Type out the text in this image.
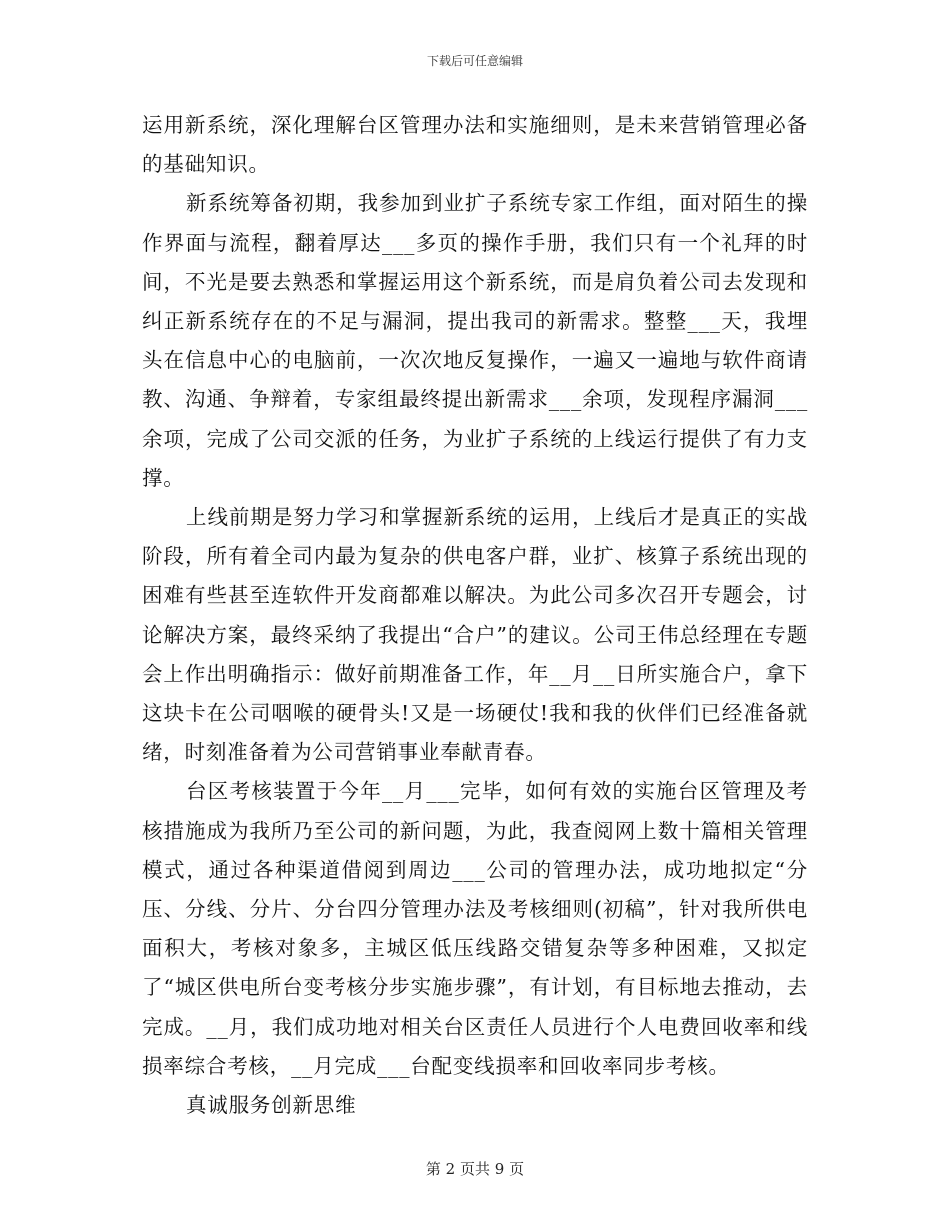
下载后可任意编辑

运用新系统，深化理解台区管理办法和实施细则，是未来营销管理必备的基础知识。

新系统筹备初期，我参加到业扩子系统专家工作组，面对陌生的操作界面与流程，翻着厚达___多页的操作手册，我们只有一个礼拜的时间，不光是要去熟悉和掌握运用这个新系统，而是肩负着公司去发现和纠正新系统存在的不足与漏洞，提出我司的新需求。整整___天，我埋头在信息中心的电脑前，一次次地反复操作，一遍又一遍地与软件商请教、沟通、争辩着，专家组最终提出新需求___余项，发现程序漏洞___余项，完成了公司交派的任务，为业扩子系统的上线运行提供了有力支撑。

上线前期是努力学习和掌握新系统的运用，上线后才是真正的实战阶段，所有着全司内最为复杂的供电客户群，业扩、核算子系统出现的困难有些甚至连软件开发商都难以解决。为此公司多次召开专题会，讨论解决方案，最终采纳了我提出“合户”的建议。公司王伟总经理在专题会上作出明确指示：做好前期准备工作，年__月__日所实施合户，拿下这块卡在公司咽喉的硬骨头!又是一场硬仗!我和我的伙伴们已经准备就绪，时刻准备着为公司营销事业奉献青春。

台区考核装置于今年__月___完毕，如何有效的实施台区管理及考核措施成为我所乃至公司的新问题，为此，我查阅网上数十篇相关管理模式，通过各种渠道借阅到周边___公司的管理办法，成功地拟定“分压、分线、分片、分台四分管理办法及考核细则(初稿”，针对我所供电面积大，考核对象多，主城区低压线路交错复杂等多种困难，又拟定了“城区供电所台变考核分步实施步骤”，有计划，有目标地去推动，去完成。__月，我们成功地对相关台区责任人员进行个人电费回收率和线损率综合考核，__月完成___台配变线损率和回收率同步考核。

真诚服务创新思维

第 2 页共 9 页
